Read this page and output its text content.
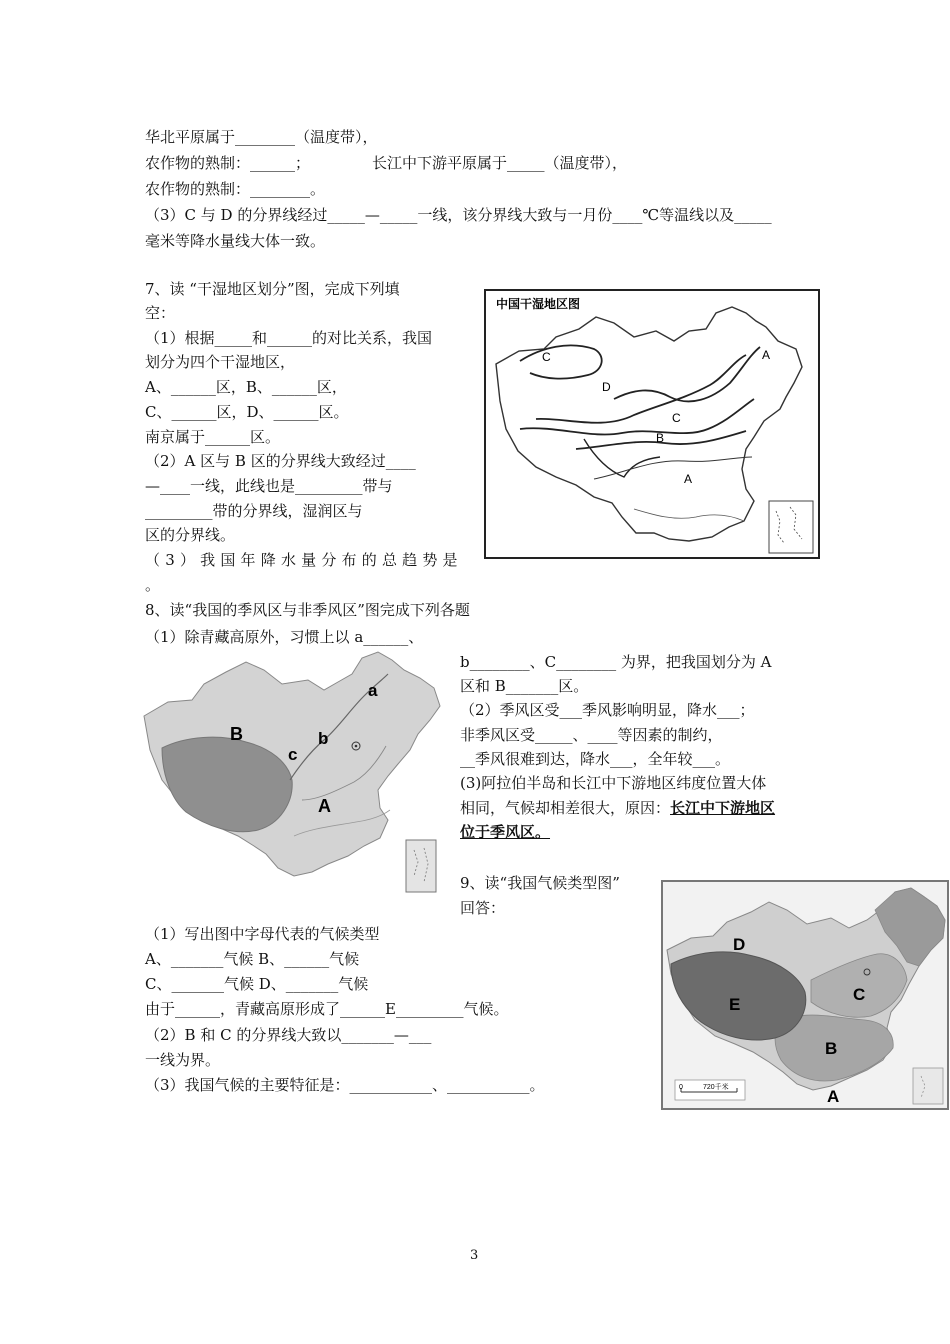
华北平原属于________（温度带），
农作物的熟制：______；	长江中下游平原属于_____（温度带），
农作物的熟制：________。
（3）C 与 D 的分界线经过_____—_____一线，该分界线大致与一月份____℃等温线以及_____
毫米等降水量线大体一致。
7、读 “干湿地区划分”图，完成下列填
空：
（1）根据_____和______的对比关系，我国
划分为四个干湿地区，
A、______区，B、______区，
C、______区，D、______区。
南京属于______区。
（2）A 区与 B 区的分界线大致经过____
—____一线，此线也是_________带与
_________带的分界线，湿润区与
区的分界线。
（3）我国年降水量分布的总趋势是
。
中国干湿地区图
A
B
A
C
C
D
8、读“我国的季风区与非季风区”图完成下列各题
（1）除青藏高原外，习惯上以 a______、
b________、C________ 为界，把我国划分为 A
区和 B_______区。
（2）季风区受___季风影响明显，降水___；
非季风区受_____、____等因素的制约，
__季风很难到达，降水___，全年较___。
(3)阿拉伯半岛和长江中下游地区纬度位置大体
相同，气候却相差很大，原因：长江中下游地区
位于季风区。
a
b
c
A
B
9、读“我国气候类型图”
回答：
（1）写出图中字母代表的气候类型
A、_______气候 B、______气候
C、_______气候 D、_______气候
由于______，青藏高原形成了______E_________气候。
（2）B 和 C 的分界线大致以_______—___
一线为界。
（3）我国气候的主要特征是：___________、___________。
D
E
C
B
A
0	720千米
3
